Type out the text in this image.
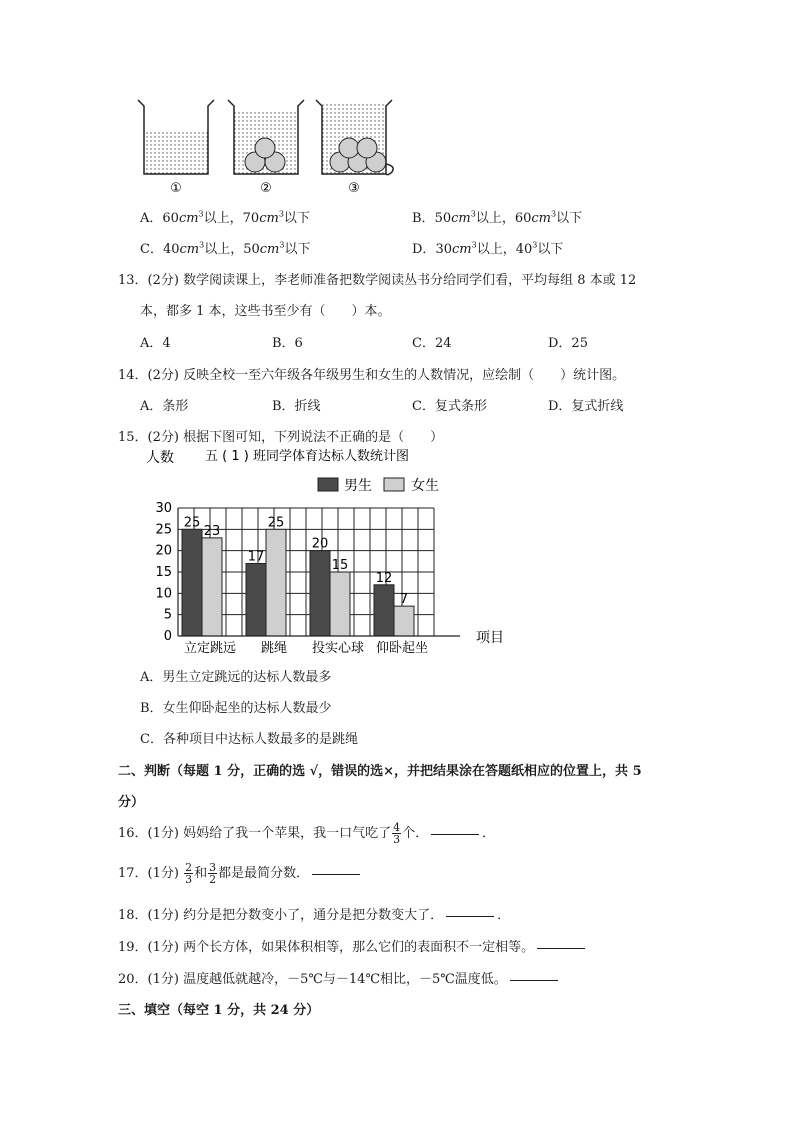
①	②	③
A．$60cm^3$以上，$70cm^3$以下	B．$50cm^3$以上，$60cm^3$以下
C．$40cm^3$以上，$50cm^3$以下	D．$30cm^3$以上，$40^3$以下
13．(2分) 数学阅读课上，李老师准备把数学阅读丛书分给同学们看，平均每组 8 本或 12
本，都多 1 本，这些书至少有（　　）本。
A．4	B．6	C．24	D．25
14．(2分) 反映全校一至六年级各年级男生和女生的人数情况，应绘制（　　）统计图。
A．条形	B．折线	C．复式条形	D．复式折线
15．(2分) 根据下图可知，下列说法不正确的是（　　）
人数 五 ( 1 ) 班同学体育达标人数统计图
男生	女生
0
5
10
15
20
25
30
25
23
立定跳远
17
25
跳绳
20
15
投实心球
12
7
仰卧起坐
项目
A．男生立定跳远的达标人数最多
B．女生仰卧起坐的达标人数最少
C．各种项目中达标人数最多的是跳绳
二、判断（每题 1 分，正确的选 √，错误的选×，并把结果涂在答题纸相应的位置上，共 5
分）
16．(1分) 妈妈给了我一个苹果，我一口气吃了 $\frac{4}{3}$ 个．	．
17．(1分) $\frac{2}{3}$ 和 $\frac{3}{2}$ 都是最简分数．
18．(1分) 约分是把分数变小了，通分是把分数变大了．	．
19．(1分) 两个长方体，如果体积相等，那么它们的表面积不一定相等。
20．(1分) 温度越低就越冷，－5℃与－14℃相比，－5℃温度低。
三、填空（每空 1 分，共 24 分）
